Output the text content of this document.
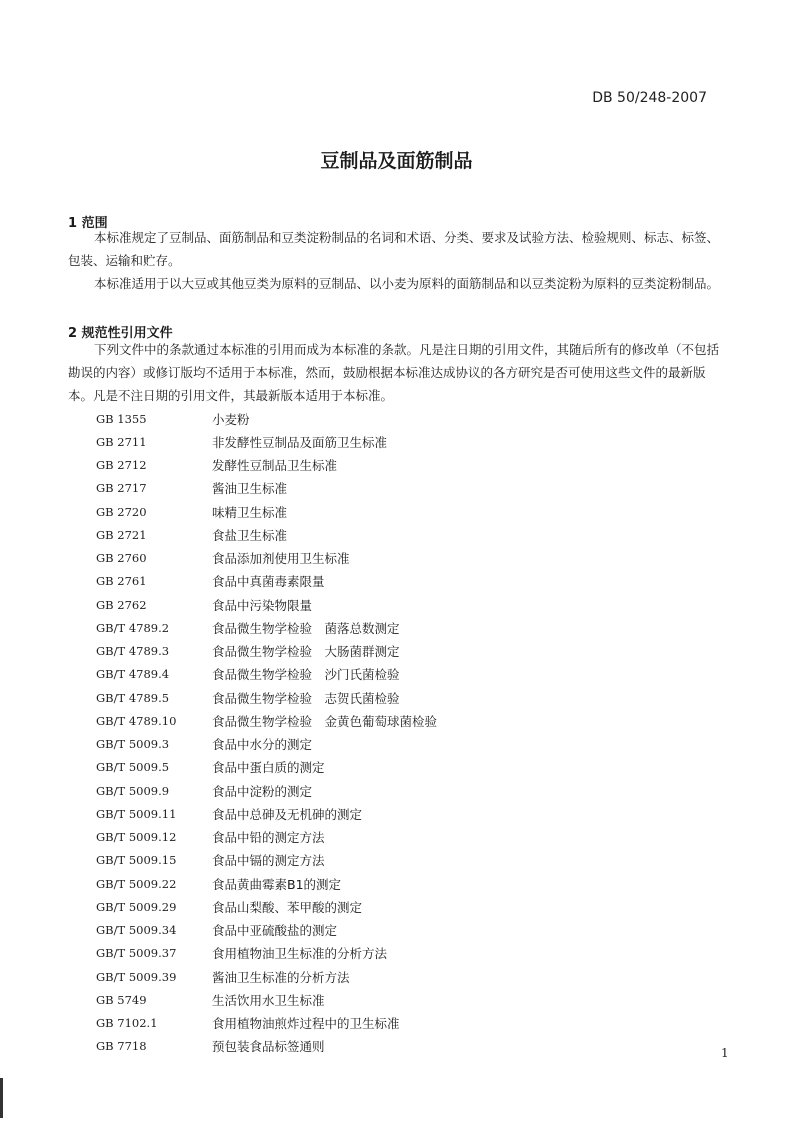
DB 50/248-2007
豆制品及面筋制品
1 范围
本标准规定了豆制品、面筋制品和豆类淀粉制品的名词和术语、分类、要求及试验方法、检验规则、标志、标签、包装、运输和贮存。
本标准适用于以大豆或其他豆类为原料的豆制品、以小麦为原料的面筋制品和以豆类淀粉为原料的豆类淀粉制品。
2 规范性引用文件
下列文件中的条款通过本标准的引用而成为本标准的条款。凡是注日期的引用文件，其随后所有的修改单（不包括勘误的内容）或修订版均不适用于本标准，然而，鼓励根据本标准达成协议的各方研究是否可使用这些文件的最新版本。凡是不注日期的引用文件，其最新版本适用于本标准。
GB 1355	小麦粉
GB 2711	非发酵性豆制品及面筋卫生标准
GB 2712	发酵性豆制品卫生标准
GB 2717	酱油卫生标准
GB 2720	味精卫生标准
GB 2721	食盐卫生标准
GB 2760	食品添加剂使用卫生标准
GB 2761	食品中真菌毒素限量
GB 2762	食品中污染物限量
GB/T 4789.2	食品微生物学检验　菌落总数测定
GB/T 4789.3	食品微生物学检验　大肠菌群测定
GB/T 4789.4	食品微生物学检验　沙门氏菌检验
GB/T 4789.5	食品微生物学检验　志贺氏菌检验
GB/T 4789.10	食品微生物学检验　金黄色葡萄球菌检验
GB/T 5009.3	食品中水分的测定
GB/T 5009.5	食品中蛋白质的测定
GB/T 5009.9	食品中淀粉的测定
GB/T 5009.11	食品中总砷及无机砷的测定
GB/T 5009.12	食品中铅的测定方法
GB/T 5009.15	食品中镉的测定方法
GB/T 5009.22	食品黄曲霉素B1的测定
GB/T 5009.29	食品山梨酸、苯甲酸的测定
GB/T 5009.34	食品中亚硫酸盐的测定
GB/T 5009.37	食用植物油卫生标准的分析方法
GB/T 5009.39	酱油卫生标准的分析方法
GB 5749	生活饮用水卫生标准
GB 7102.1	食用植物油煎炸过程中的卫生标准
GB 7718	预包装食品标签通则	1
